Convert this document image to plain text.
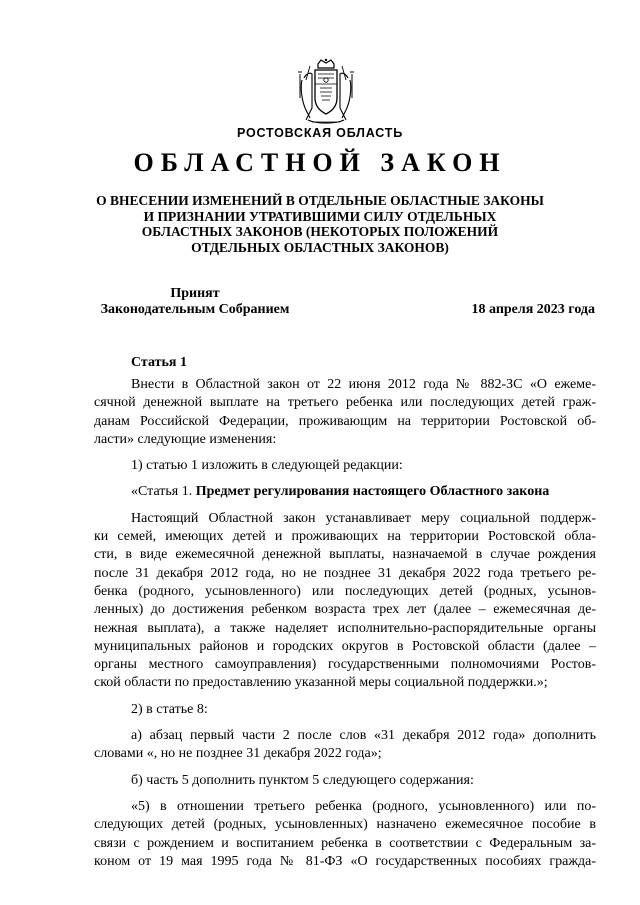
РОСТОВСКАЯ ОБЛАСТЬ
ОБЛАСТНОЙ ЗАКОН
О ВНЕСЕНИИ ИЗМЕНЕНИЙ В ОТДЕЛЬНЫЕ ОБЛАСТНЫЕ ЗАКОНЫ
И ПРИЗНАНИИ УТРАТИВШИМИ СИЛУ ОТДЕЛЬНЫХ
ОБЛАСТНЫХ ЗАКОНОВ (НЕКОТОРЫХ ПОЛОЖЕНИЙ
ОТДЕЛЬНЫХ ОБЛАСТНЫХ ЗАКОНОВ)
Принят
Законодательным Собранием	18 апреля 2023 года
Статья 1
Внести в Областной закон от 22 июня 2012 года № 882-ЗС «О ежеме-
сячной денежной выплате на третьего ребенка или последующих детей граж-
данам Российской Федерации, проживающим на территории Ростовской об-
ласти» следующие изменения:
1) статью 1 изложить в следующей редакции:
«Статья 1. Предмет регулирования настоящего Областного закона
Настоящий Областной закон устанавливает меру социальной поддерж-
ки семей, имеющих детей и проживающих на территории Ростовской обла-
сти, в виде ежемесячной денежной выплаты, назначаемой в случае рождения
после 31 декабря 2012 года, но не позднее 31 декабря 2022 года третьего ре-
бенка (родного, усыновленного) или последующих детей (родных, усынов-
ленных) до достижения ребенком возраста трех лет (далее – ежемесячная де-
нежная выплата), а также наделяет исполнительно-распорядительные органы
муниципальных районов и городских округов в Ростовской области (далее –
органы местного самоуправления) государственными полномочиями Ростов-
ской области по предоставлению указанной меры социальной поддержки.»;
2) в статье 8:
а) абзац первый части 2 после слов «31 декабря 2012 года» дополнить
словами «, но не позднее 31 декабря 2022 года»;
б) часть 5 дополнить пунктом 5 следующего содержания:
«5) в отношении третьего ребенка (родного, усыновленного) или по-
следующих детей (родных, усыновленных) назначено ежемесячное пособие в
связи с рождением и воспитанием ребенка в соответствии с Федеральным за-
коном от 19 мая 1995 года № 81-ФЗ «О государственных пособиях гражда-
